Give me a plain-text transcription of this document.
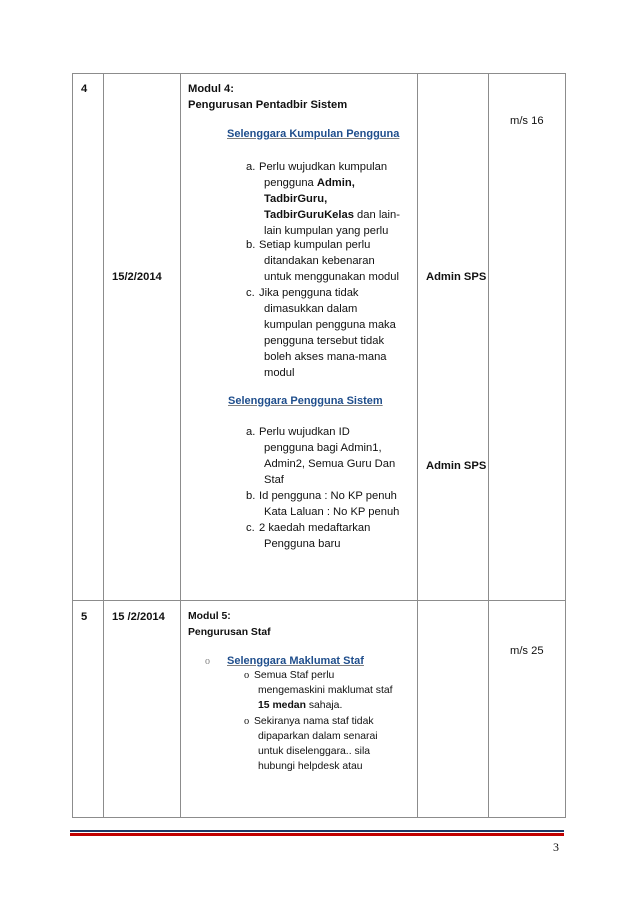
4
15/2/2014
Modul 4:
Pengurusan Pentadbir Sistem
Selenggara Kumpulan Pengguna
a. Perlu wujudkan kumpulan
pengguna Admin,
TadbirGuru,
TadbirGuruKelas dan lain-
lain kumpulan yang perlu
b. Setiap kumpulan perlu
ditandakan kebenaran
untuk menggunakan modul
c. Jika pengguna tidak
dimasukkan dalam
kumpulan pengguna maka
pengguna tersebut tidak
boleh akses mana-mana
modul
Selenggara Pengguna Sistem
a. Perlu wujudkan ID
pengguna bagi Admin1,
Admin2, Semua Guru Dan
Staf
b. Id pengguna : No KP penuh
Kata Laluan : No KP penuh
c. 2 kaedah medaftarkan
Pengguna baru
Admin SPS
Admin SPS
m/s 16
5 15 /2/2014 Modul 5:
Pengurusan Staf
o Selenggara Maklumat Staf
o Semua Staf perlu
mengemaskini maklumat staf
15 medan sahaja.
o Sekiranya nama staf tidak
dipaparkan dalam senarai
untuk diselenggara.. sila
hubungi helpdesk atau
m/s 25
3
